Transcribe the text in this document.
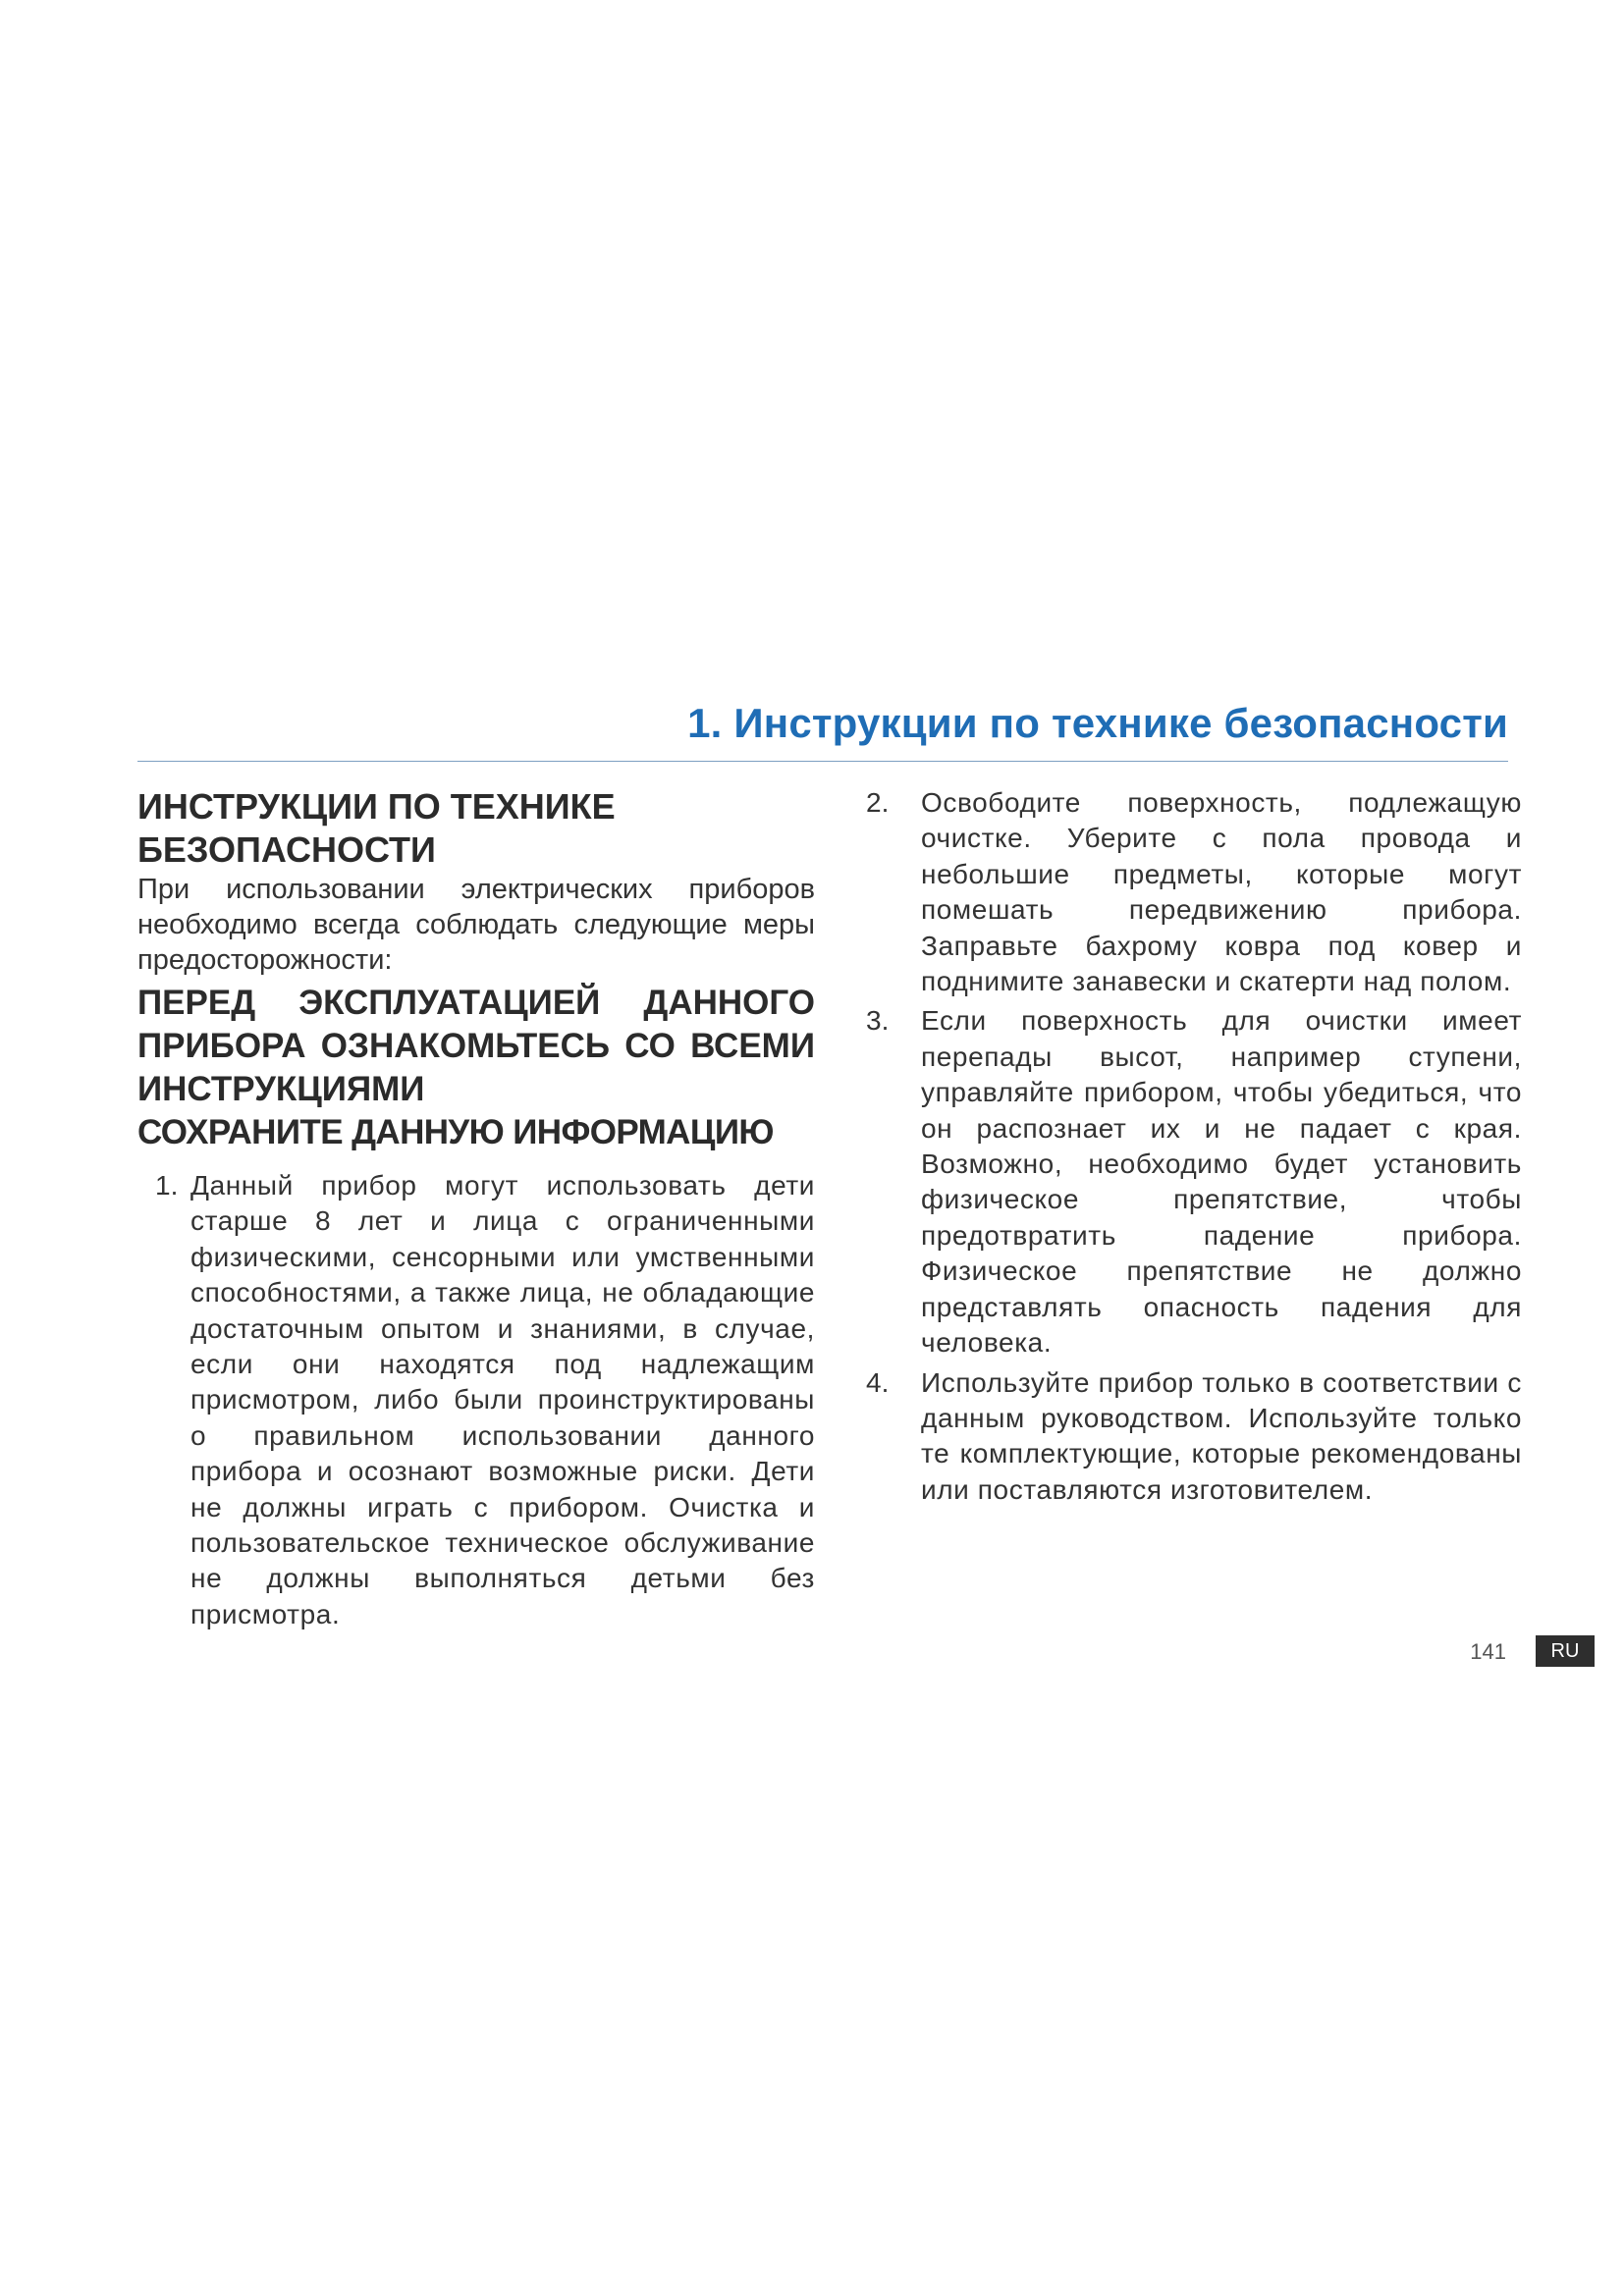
1. Инструкции по технике безопасности
ИНСТРУКЦИИ ПО ТЕХНИКЕ БЕЗОПАСНОСТИ

При использовании электрических приборов необходимо всегда соблюдать следующие меры предосторожности:

ПЕРЕД ЭКСПЛУАТАЦИЕЙ ДАННОГО ПРИБОРА ОЗНАКОМЬТЕСЬ СО ВСЕМИ ИНСТРУКЦИЯМИ

СОХРАНИТЕ ДАННУЮ ИНФОРМАЦИЮ

1. Данный прибор могут использовать дети старше 8 лет и лица с ограниченными физическими, сенсорными или умственными способностями, а также лица, не обладающие достаточным опытом и знаниями, в случае, если они находятся под надлежащим присмотром, либо были проинструктированы о правильном использовании данного прибора и осознают возможные риски. Дети не должны играть с прибором. Очистка и пользовательское техническое обслуживание не должны выполняться детьми без присмотра.
2. Освободите поверхность, подлежащую очистке. Уберите с пола провода и небольшие предметы, которые могут помешать передвижению прибора. Заправьте бахрому ковра под ковер и поднимите занавески и скатерти над полом.
3. Если поверхность для очистки имеет перепады высот, например ступени, управляйте прибором, чтобы убедиться, что он распознает их и не падает с края. Возможно, необходимо будет установить физическое препятствие, чтобы предотвратить падение прибора. Физическое препятствие не должно представлять опасность падения для человека.
4. Используйте прибор только в соответствии с данным руководством. Используйте только те комплектующие, которые рекомендованы или поставляются изготовителем.
141	RU
